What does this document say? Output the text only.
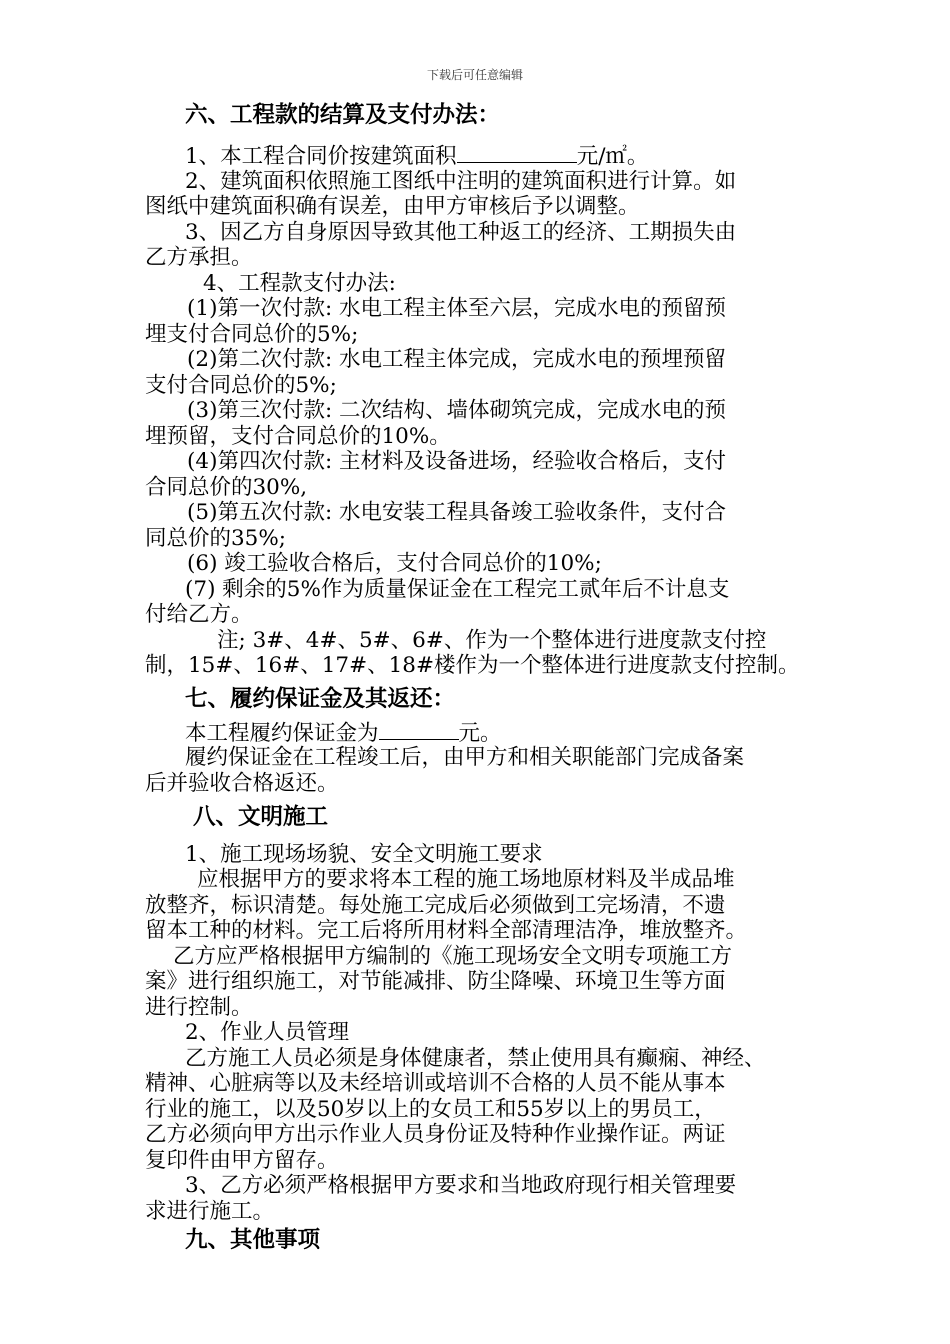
下载后可任意编辑

六、工程款的结算及支付办法：

1、本工程合同价按建筑面积	元/㎡。

2、建筑面积依照施工图纸中注明的建筑面积进行计算。如

图纸中建筑面积确有误差，由甲方审核后予以调整。

3、因乙方自身原因导致其他工种返工的经济、工期损失由

乙方承担。

4、工程款支付办法:

(1)第一次付款: 水电工程主体至六层，完成水电的预留预

埋支付合同总价的5%;

(2)第二次付款: 水电工程主体完成，完成水电的预埋预留

支付合同总价的5%;

(3)第三次付款: 二次结构、墙体砌筑完成，完成水电的预

埋预留，支付合同总价的10%。

(4)第四次付款: 主材料及设备进场，经验收合格后，支付

合同总价的30%,

(5)第五次付款: 水电安装工程具备竣工验收条件，支付合

同总价的35%;

(6) 竣工验收合格后，支付合同总价的10%;

(7) 剩余的5%作为质量保证金在工程完工贰年后不计息支

付给乙方。

注; 3#、4#、5#、6#、作为一个整体进行进度款支付控

制，15#、16#、17#、18#楼作为一个整体进行进度款支付控制。

七、履约保证金及其返还：

本工程履约保证金为	元。

履约保证金在工程竣工后，由甲方和相关职能部门完成备案

后并验收合格返还。

八、文明施工

1、施工现场场貌、安全文明施工要求

应根据甲方的要求将本工程的施工场地原材料及半成品堆

放整齐，标识清楚。每处施工完成后必须做到工完场清，不遗

留本工种的材料。完工后将所用材料全部清理洁净，堆放整齐。

乙方应严格根据甲方编制的《施工现场安全文明专项施工方

案》进行组织施工，对节能减排、防尘降噪、环境卫生等方面

进行控制。

2、作业人员管理

乙方施工人员必须是身体健康者，禁止使用具有癫痫、神经、

精神、心脏病等以及未经培训或培训不合格的人员不能从事本

行业的施工，以及50岁以上的女员工和55岁以上的男员工，

乙方必须向甲方出示作业人员身份证及特种作业操作证。两证

复印件由甲方留存。

3、乙方必须严格根据甲方要求和当地政府现行相关管理要

求进行施工。

九、其他事项
